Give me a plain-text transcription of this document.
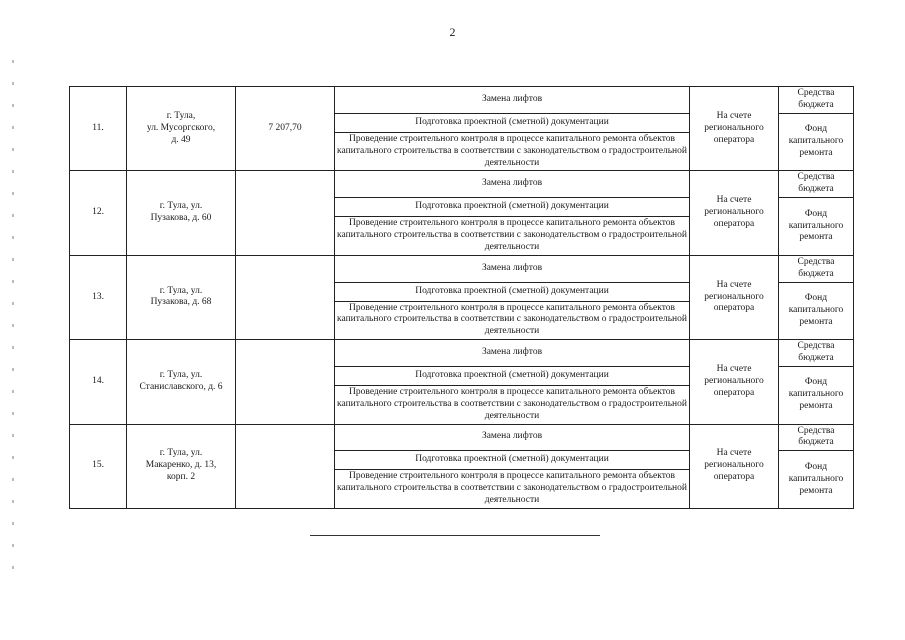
2
11.	г. Тула,
ул. Мусоргского,
д. 49	7 207,70	Замена лифтов	На счете регионального оператора	Средства бюджета
			Подготовка проектной (сметной) документации		Фонд капитального ремонта
			Проведение строительного контроля в процессе капитального ремонта объектов капитального строительства в соответствии с законодательством о градостроительной деятельности		
12.	г. Тула, ул.
Пузакова, д. 60		Замена лифтов	На счете регионального оператора	Средства бюджета
			Подготовка проектной (сметной) документации		Фонд капитального ремонта
			Проведение строительного контроля в процессе капитального ремонта объектов капитального строительства в соответствии с законодательством о градостроительной деятельности		
13.	г. Тула, ул.
Пузакова, д. 68		Замена лифтов	На счете регионального оператора	Средства бюджета
			Подготовка проектной (сметной) документации		Фонд капитального ремонта
			Проведение строительного контроля в процессе капитального ремонта объектов капитального строительства в соответствии с законодательством о градостроительной деятельности		
14.	г. Тула, ул.
Станиславского, д. 6		Замена лифтов	На счете регионального оператора	Средства бюджета
			Подготовка проектной (сметной) документации		Фонд капитального ремонта
			Проведение строительного контроля в процессе капитального ремонта объектов капитального строительства в соответствии с законодательством о градостроительной деятельности		
15.	г. Тула, ул.
Макаренко, д. 13,
корп. 2		Замена лифтов	На счете регионального оператора	Средства бюджета
			Подготовка проектной (сметной) документации		Фонд капитального ремонта
			Проведение строительного контроля в процессе капитального ремонта объектов капитального строительства в соответствии с законодательством о градостроительной деятельности		
